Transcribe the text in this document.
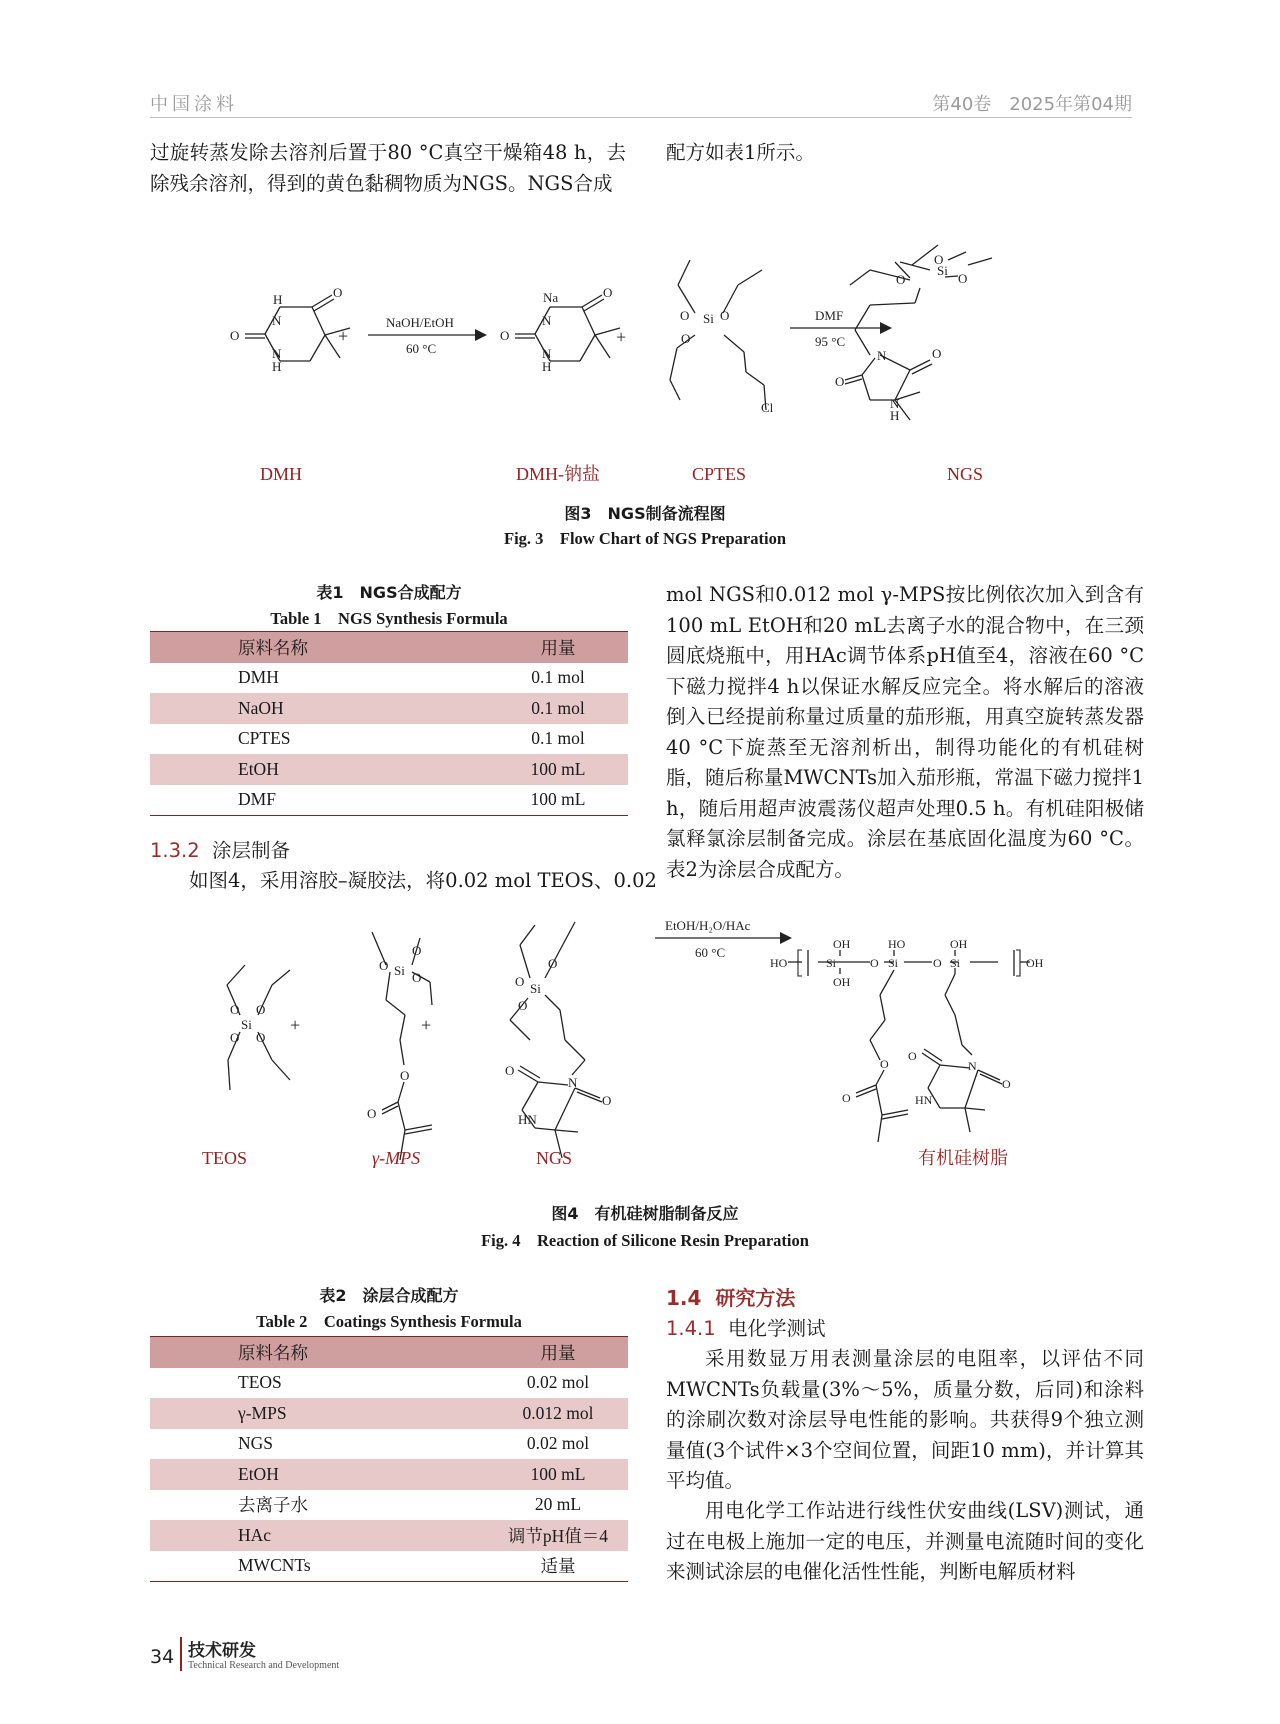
中国涂料	第40卷　2025年第04期
过旋转蒸发除去溶剂后置于80 °C真空干燥箱48 h，去除残余溶剂，得到的黄色黏稠物质为NGS。NGS合成
配方如表1所示。
H
N
O
O
N
H
Na
N
O
O
N
H
+	+
Si
O O
O
Cl
Si
O	O
O
N	O
O
N
H
NaOH/EtOH
60 °C
DMF
95 °C
DMH	DMH-钠盐	CPTES	NGS
图3　NGS制备流程图
Fig. 3　Flow Chart of NGS Preparation
表1　NGS合成配方
Table 1　NGS Synthesis Formula
原料名称	用量
DMH	0.1 mol
NaOH	0.1 mol
CPTES	0.1 mol
EtOH	100 mL
DMF	100 mL
1.3.2 涂层制备
如图4，采用溶胶–凝胶法，将0.02 mol TEOS、0.02
mol NGS和0.012 mol γ-MPS按比例依次加入到含有100 mL EtOH和20 mL去离子水的混合物中，在三颈圆底烧瓶中，用HAc调节体系pH值至4，溶液在60 °C下磁力搅拌4 h以保证水解反应完全。将水解后的溶液倒入已经提前称量过质量的茄形瓶，用真空旋转蒸发器40 °C下旋蒸至无溶剂析出，制得功能化的有机硅树脂，随后称量MWCNTs加入茄形瓶，常温下磁力搅拌1 h，随后用超声波震荡仪超声处理0.5 h。有机硅阳极储氯释氯涂层制备完成。涂层在基底固化温度为60 °C。表2为涂层合成配方。
Si
O O
O O
+
Si
O
O
O
O
O
+
Si
O
O
O
N
O
O
HN
EtOH/H₂O/HAc
60 °C
HO	Si
OH
OH
O Si
HO
O Si
OH
OH
O
O
N
O
O
HN
TEOS	γ-MPS	NGS	有机硅树脂
图4　有机硅树脂制备反应
Fig. 4　Reaction of Silicone Resin Preparation
表2　涂层合成配方
Table 2　Coatings Synthesis Formula
原料名称	用量
TEOS	0.02 mol
γ-MPS	0.012 mol
NGS	0.02 mol
EtOH	100 mL
去离子水	20 mL
HAc	调节pH值＝4
MWCNTs	适量
1.4 研究方法
1.4.1 电化学测试
采用数显万用表测量涂层的电阻率，以评估不同MWCNTs负载量(3%～5%，质量分数，后同)和涂料的涂刷次数对涂层导电性能的影响。共获得9个独立测量值(3个试件×3个空间位置，间距10 mm)，并计算其平均值。
用电化学工作站进行线性伏安曲线(LSV)测试，通过在电极上施加一定的电压，并测量电流随时间的变化来测试涂层的电催化活性性能，判断电解质材料
34 技术研发
Technical Research and Development
